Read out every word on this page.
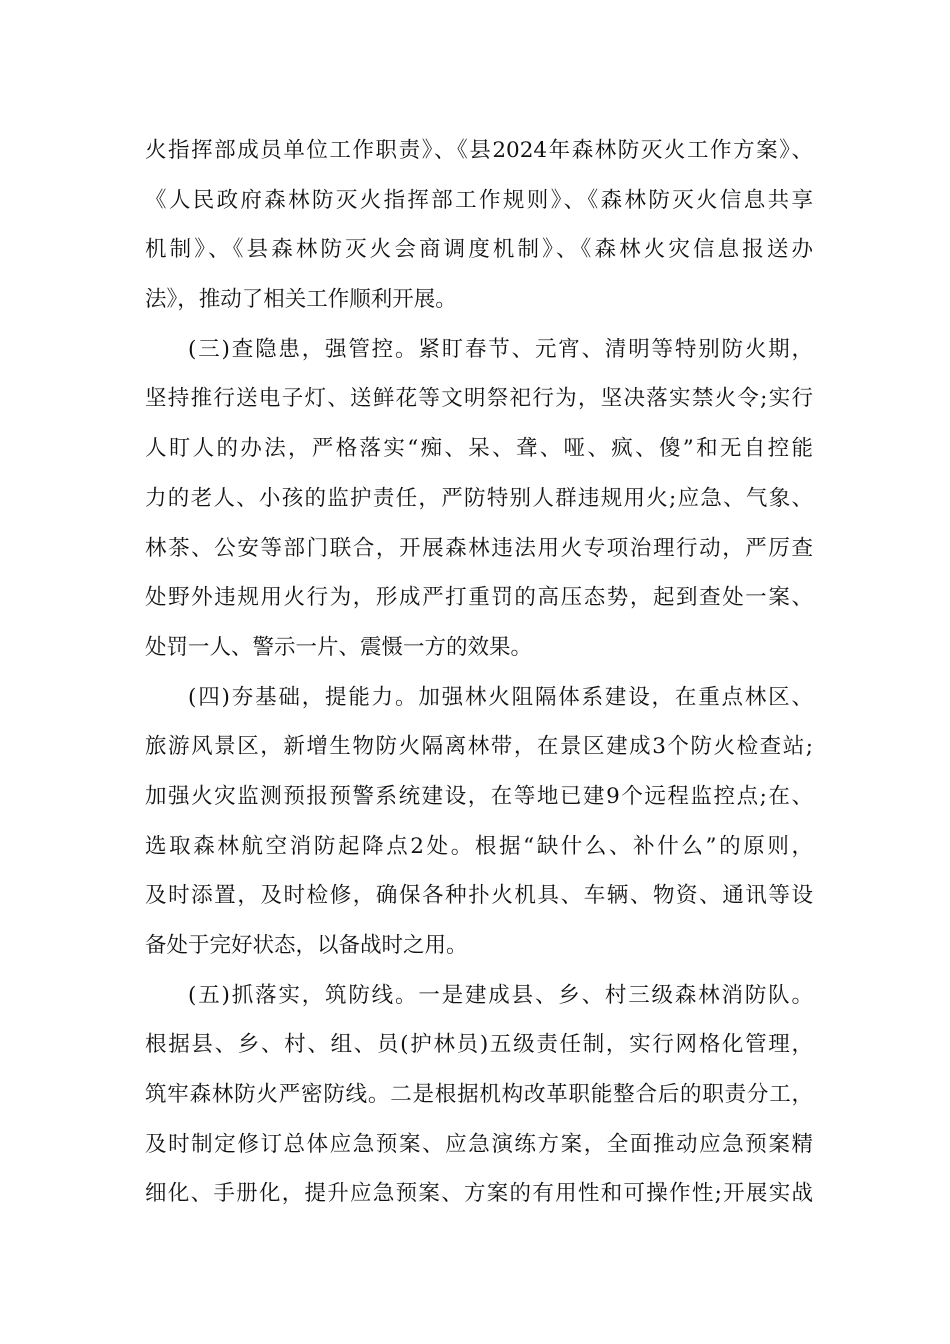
火指挥部成员单位工作职责》、《县2024年森林防灭火工作方案》、
《人民政府森林防灭火指挥部工作规则》、《森林防灭火信息共享
机制》、《县森林防灭火会商调度机制》、《森林火灾信息报送办
法》，推动了相关工作顺利开展。
(三)查隐患，强管控。紧盯春节、元宵、清明等特别防火期，
坚持推行送电子灯、送鲜花等文明祭祀行为，坚决落实禁火令;实行
人盯人的办法，严格落实“痴、呆、聋、哑、疯、傻”和无自控能
力的老人、小孩的监护责任，严防特别人群违规用火;应急、气象、
林茶、公安等部门联合，开展森林违法用火专项治理行动，严厉查
处野外违规用火行为，形成严打重罚的高压态势，起到查处一案、
处罚一人、警示一片、震慑一方的效果。
(四)夯基础，提能力。加强林火阻隔体系建设，在重点林区、
旅游风景区，新增生物防火隔离林带，在景区建成3个防火检查站;
加强火灾监测预报预警系统建设，在等地已建9个远程监控点;在、
选取森林航空消防起降点2处。根据“缺什么、补什么”的原则，
及时添置，及时检修，确保各种扑火机具、车辆、物资、通讯等设
备处于完好状态，以备战时之用。
(五)抓落实，筑防线。一是建成县、乡、村三级森林消防队。
根据县、乡、村、组、员(护林员)五级责任制，实行网格化管理，
筑牢森林防火严密防线。二是根据机构改革职能整合后的职责分工，
及时制定修订总体应急预案、应急演练方案，全面推动应急预案精
细化、手册化，提升应急预案、方案的有用性和可操作性;开展实战
